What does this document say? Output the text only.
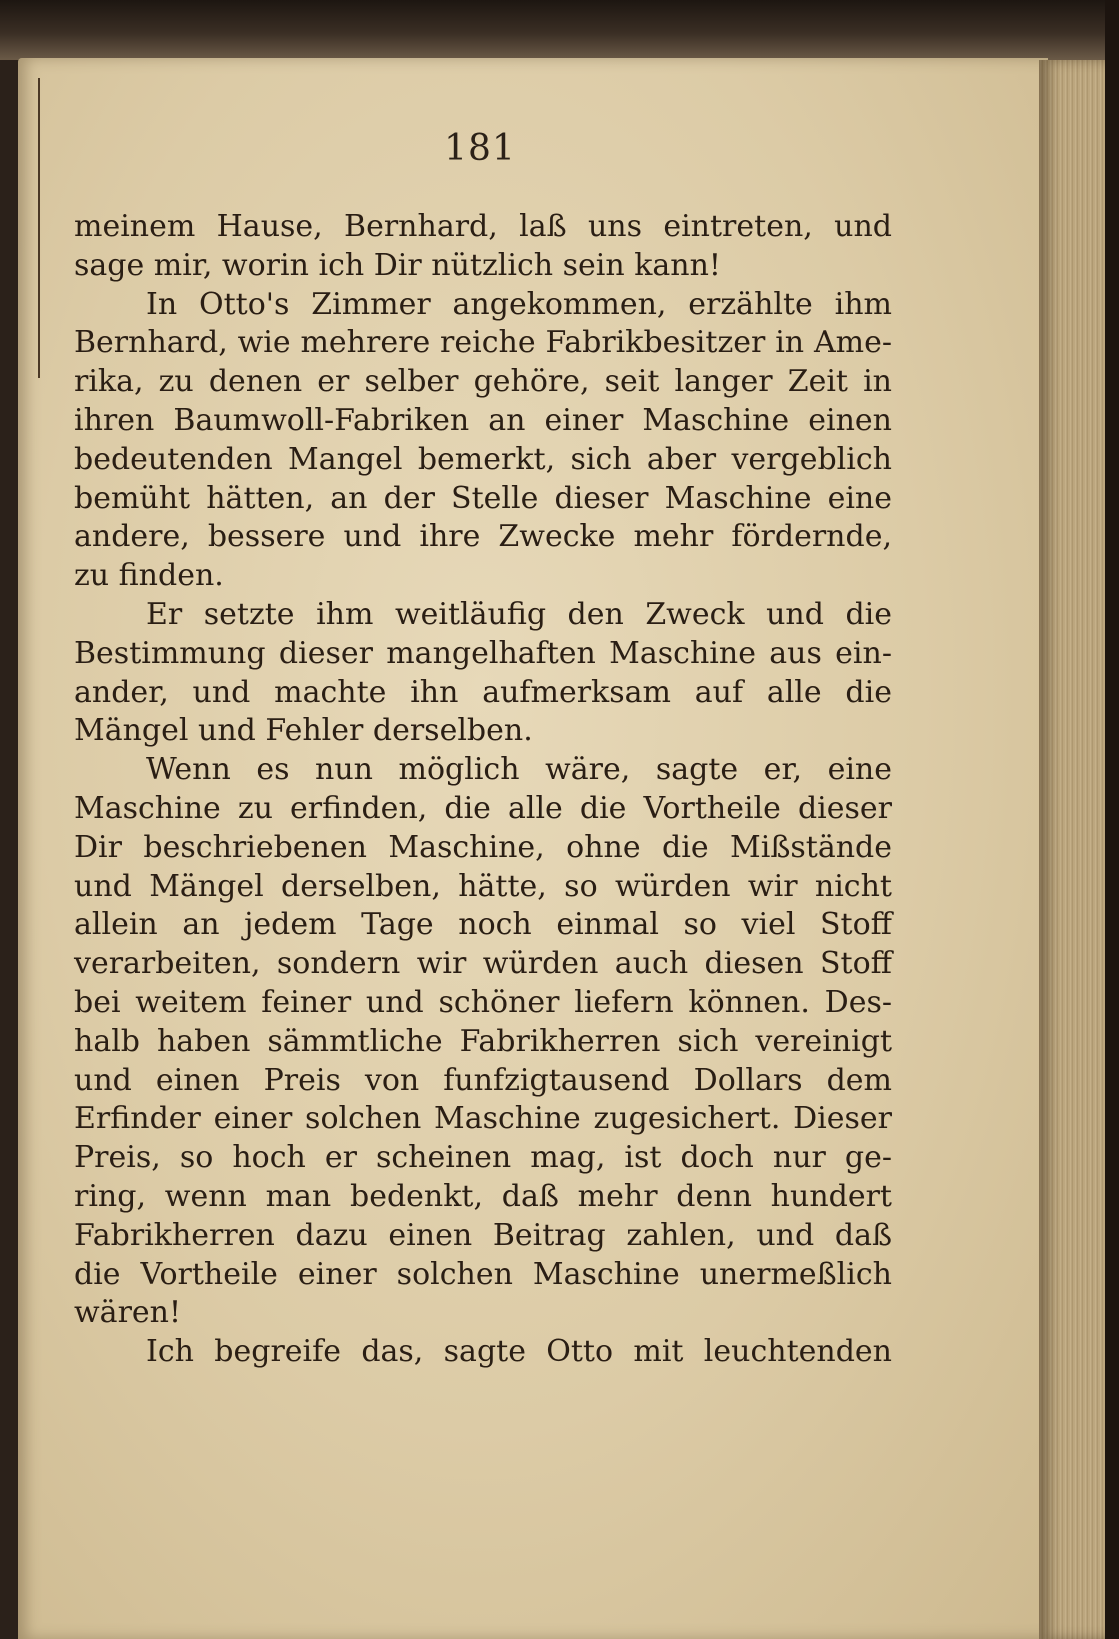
181
meinem Hause, Bernhard, laß uns eintreten, und
sage mir, worin ich Dir nützlich sein kann!
In Otto's Zimmer angekommen, erzählte ihm
Bernhard, wie mehrere reiche Fabrikbesitzer in Ame-
rika, zu denen er selber gehöre, seit langer Zeit in
ihren Baumwoll-Fabriken an einer Maschine einen
bedeutenden Mangel bemerkt, sich aber vergeblich
bemüht hätten, an der Stelle dieser Maschine eine
andere, bessere und ihre Zwecke mehr fördernde,
zu finden.
Er setzte ihm weitläufig den Zweck und die
Bestimmung dieser mangelhaften Maschine aus ein-
ander, und machte ihn aufmerksam auf alle die
Mängel und Fehler derselben.
Wenn es nun möglich wäre, sagte er, eine
Maschine zu erfinden, die alle die Vortheile dieser
Dir beschriebenen Maschine, ohne die Mißstände
und Mängel derselben, hätte, so würden wir nicht
allein an jedem Tage noch einmal so viel Stoff
verarbeiten, sondern wir würden auch diesen Stoff
bei weitem feiner und schöner liefern können. Des-
halb haben sämmtliche Fabrikherren sich vereinigt
und einen Preis von funfzigtausend Dollars dem
Erfinder einer solchen Maschine zugesichert. Dieser
Preis, so hoch er scheinen mag, ist doch nur ge-
ring, wenn man bedenkt, daß mehr denn hundert
Fabrikherren dazu einen Beitrag zahlen, und daß
die Vortheile einer solchen Maschine unermeßlich
wären!
Ich begreife das, sagte Otto mit leuchtenden
